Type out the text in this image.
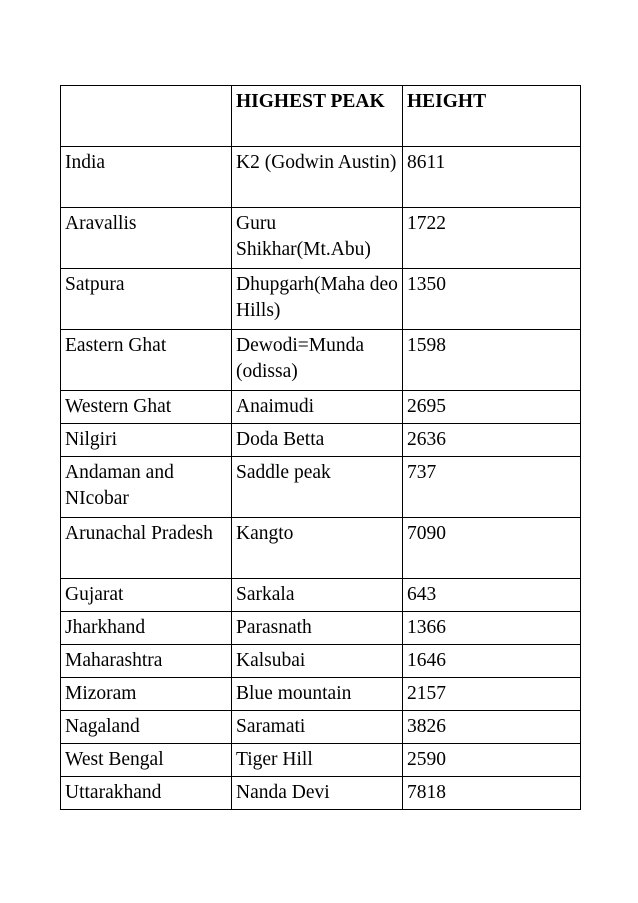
	HIGHEST PEAK	HEIGHT
India	K2 (Godwin Austin)	8611
Aravallis	Guru Shikhar(Mt.Abu)	1722
Satpura	Dhupgarh(Maha deo Hills)	1350
Eastern Ghat	Dewodi=Munda (odissa)	1598
Western Ghat	Anaimudi	2695
Nilgiri	Doda Betta	2636
Andaman and NIcobar	Saddle peak	737
Arunachal Pradesh	Kangto	7090
Gujarat	Sarkala	643
Jharkhand	Parasnath	1366
Maharashtra	Kalsubai	1646
Mizoram	Blue mountain	2157
Nagaland	Saramati	3826
West Bengal	Tiger Hill	2590
Uttarakhand	Nanda Devi	7818
